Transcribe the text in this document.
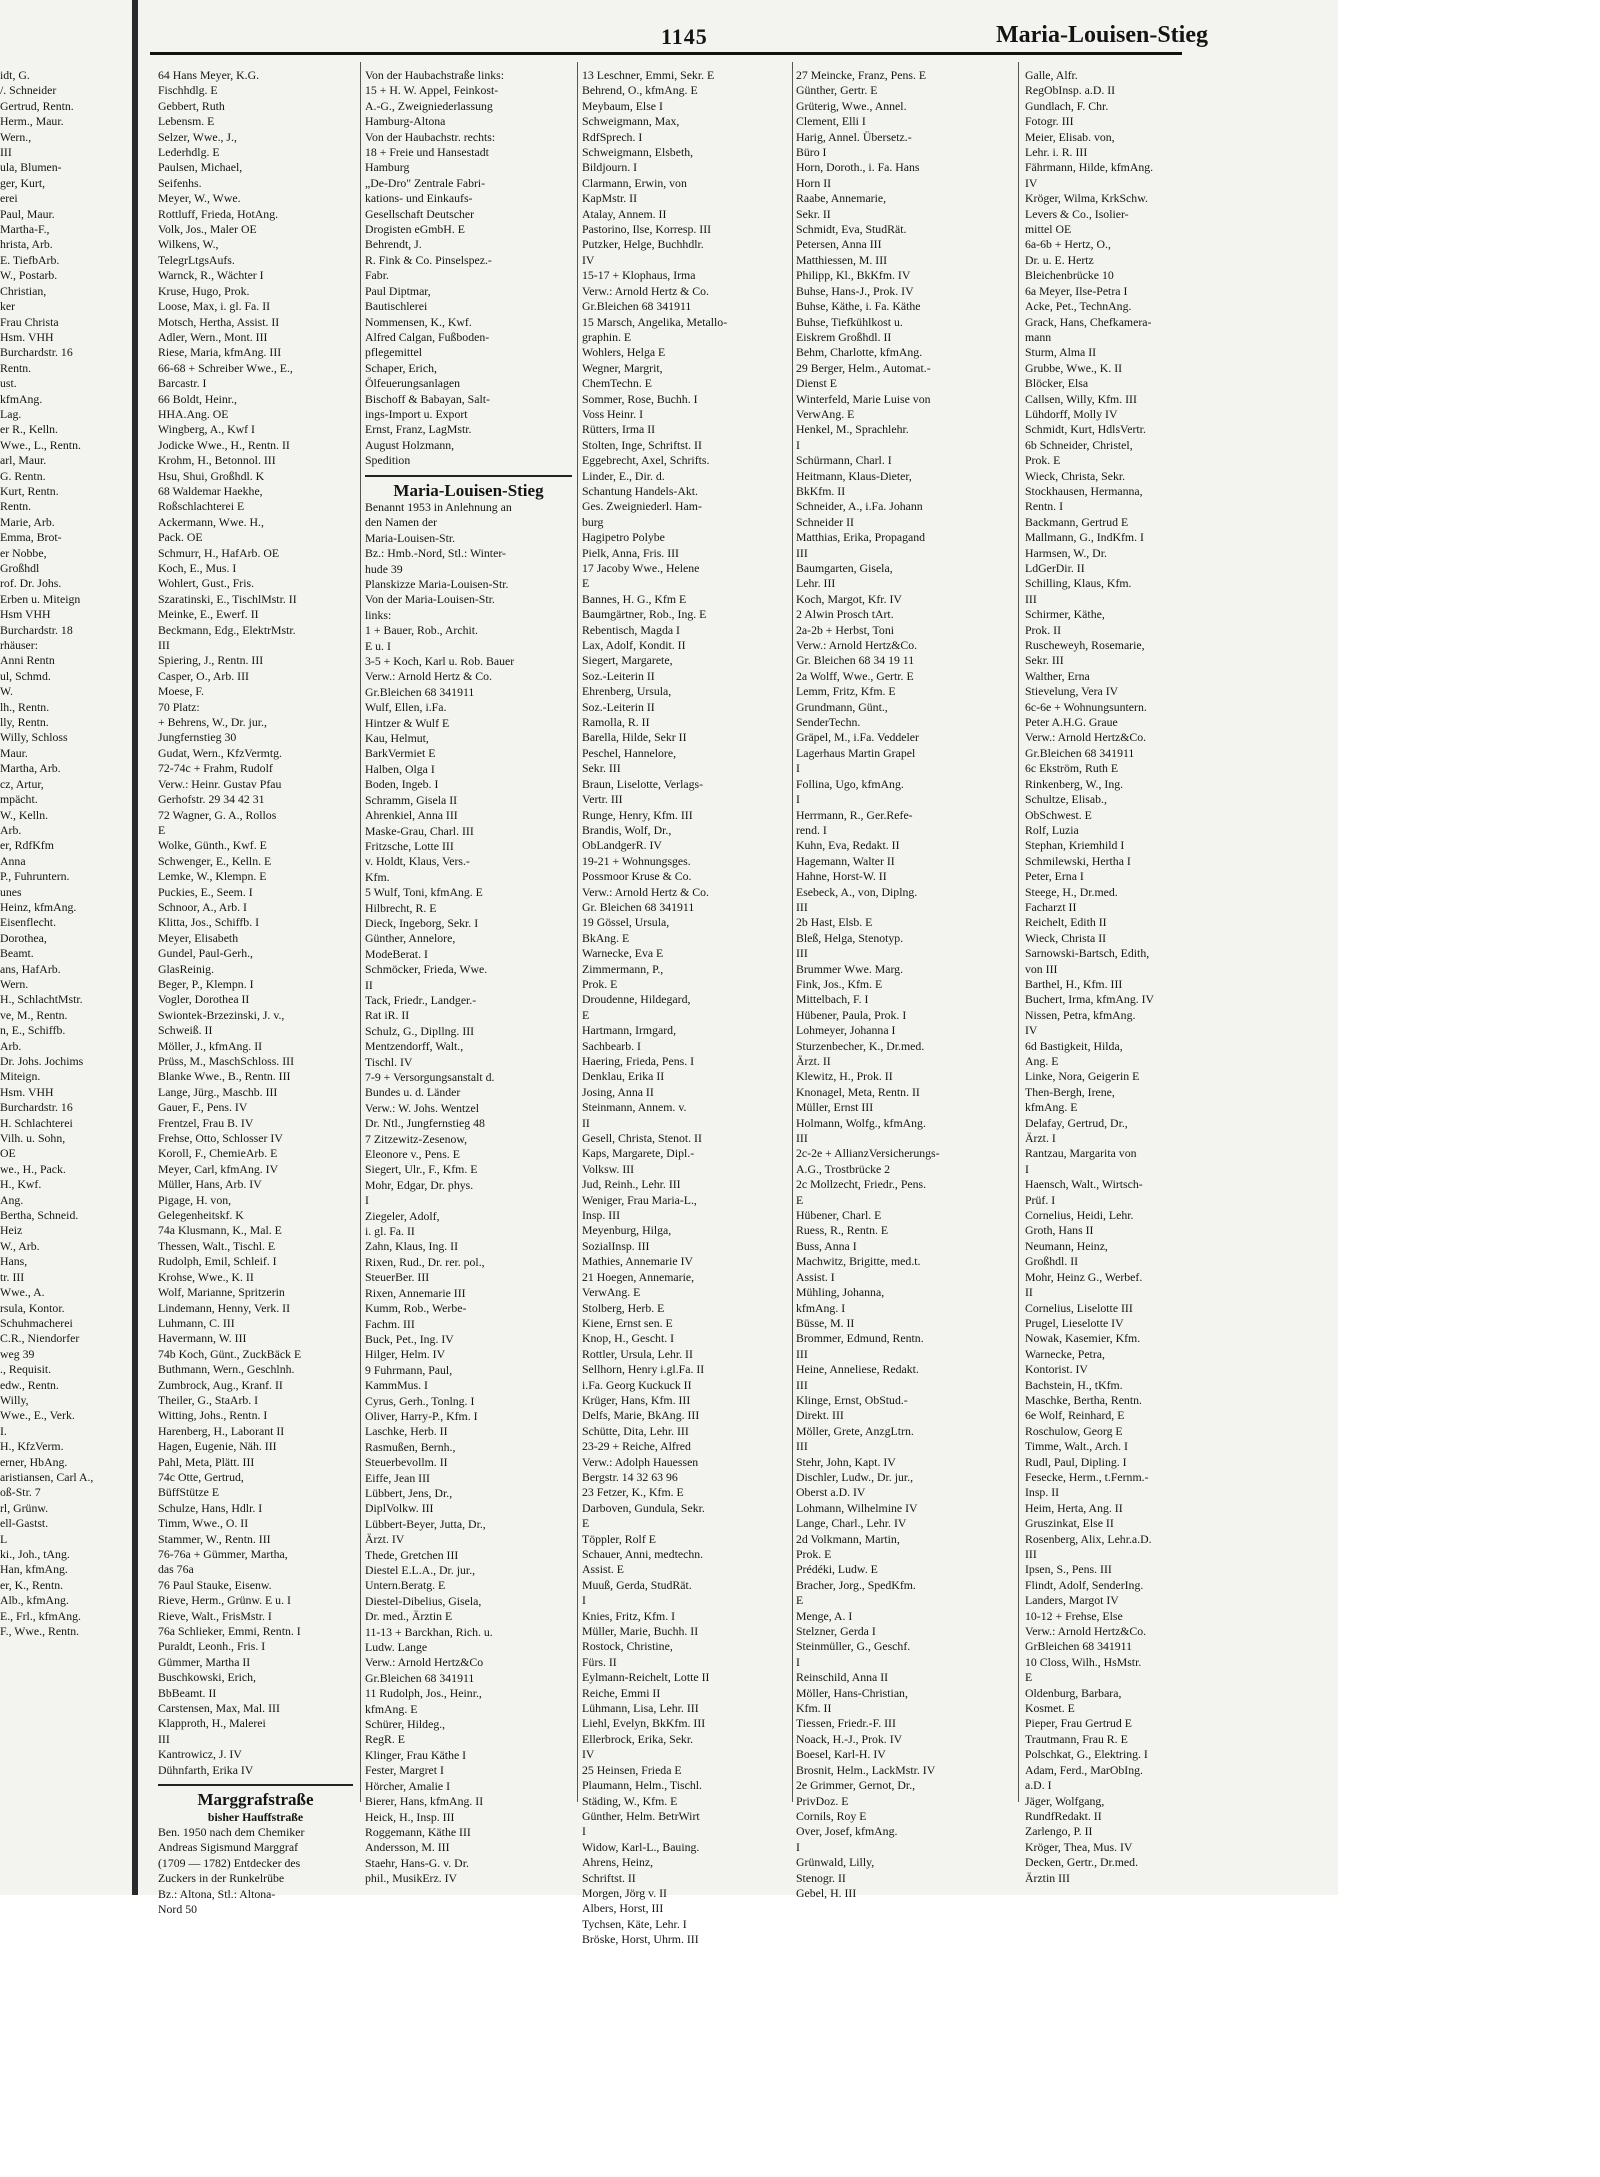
1145	Maria-Louisen-Stieg
idt, G.
/. Schneider
Gertrud, Rentn.
Herm., Maur.
Wern.,
III
ula, Blumen-
ger, Kurt,
erei
Paul, Maur.
Martha-F.,
hrista, Arb.
E. TiefbArb.
W., Postarb.
Christian,
ker
Frau Christa
Hsm. VHH
Burchardstr. 16
Rentn.
ust.
kfmAng.
Lag.
er R., Kelln.
Wwe., L., Rentn.
arl, Maur.
G. Rentn.
Kurt, Rentn.
Rentn.
Marie, Arb.
Emma, Brot-
er Nobbe,
Großhdl
rof. Dr. Johs.
Erben u. Miteign
Hsm VHH
Burchardstr. 18
rhäuser:
Anni Rentn
ul, Schmd.
W.
lh., Rentn.
lly, Rentn.
Willy, Schloss
Maur.
Martha, Arb.
cz, Artur,
mpächt.
W., Kelln.
Arb.
er, RdfKfm
Anna
P., Fuhruntern.
unes
Heinz, kfmAng.
Eisenflecht.
Dorothea,
Beamt.
ans, HafArb.
Wern.
H., SchlachtMstr.
ve, M., Rentn.
n, E., Schiffb.
Arb.
Dr. Johs. Jochims
Miteign.
Hsm. VHH
Burchardstr. 16
H. Schlachterei
Vilh. u. Sohn,
OE
we., H., Pack.
H., Kwf.
Ang.
Bertha, Schneid.
Heiz
W., Arb.
Hans,
tr. III
Wwe., A.
rsula, Kontor.
Schuhmacherei
C.R., Niendorfer
weg 39
., Requisit.
edw., Rentn.
Willy,
Wwe., E., Verk.
I.
H., KfzVerm.
erner, HbAng.
aristiansen, Carl A.,
oß-Str. 7
rl, Grünw.
ell-Gastst.
L
ki., Joh., tAng.
Han, kfmAng.
er, K., Rentn.
Alb., kfmAng.
E., Frl., kfmAng.
F., Wwe., Rentn.
64 Hans Meyer, K.G.
Fischhdlg. E
Gebbert, Ruth
Lebensm. E
Selzer, Wwe., J.,
Lederhdlg. E
Paulsen, Michael,
Seifenhs.
Meyer, W., Wwe.
Rottluff, Frieda, HotAng.
Volk, Jos., Maler OE
Wilkens, W.,
TelegrLtgsAufs.
Warnck, R., Wächter I
Kruse, Hugo, Prok.
Loose, Max, i. gl. Fa. II
Motsch, Hertha, Assist. II
Adler, Wern., Mont. III
Riese, Maria, kfmAng. III
66-68 + Schreiber Wwe., E.,
Barcastr. I
66 Boldt, Heinr.,
HHA.Ang. OE
Wingberg, A., Kwf I
Jodicke Wwe., H., Rentn. II
Krohm, H., Betonnol. III
Hsu, Shui, Großhdl. K
68 Waldemar Haekhe,
Roßschlachterei E
Ackermann, Wwe. H.,
Pack. OE
Schmurr, H., HafArb. OE
Koch, E., Mus. I
Wohlert, Gust., Fris.
Szaratinski, E., TischlMstr. II
Meinke, E., Ewerf. II
Beckmann, Edg., ElektrMstr.
III
Spiering, J., Rentn. III
Casper, O., Arb. III
Moese, F.
70 Platz:
+ Behrens, W., Dr. jur.,
Jungfernstieg 30
Gudat, Wern., KfzVermtg.
72-74c + Frahm, Rudolf
Verw.: Heinr. Gustav Pfau
Gerhofstr. 29 34 42 31
72 Wagner, G. A., Rollos
E
Wolke, Günth., Kwf. E
Schwenger, E., Kelln. E
Lemke, W., Klempn. E
Puckies, E., Seem. I
Schnoor, A., Arb. I
Klitta, Jos., Schiffb. I
Meyer, Elisabeth
Gundel, Paul-Gerh.,
GlasReinig.
Beger, P., Klempn. I
Vogler, Dorothea II
Swiontek-Brzezinski, J. v.,
Schweiß. II
Möller, J., kfmAng. II
Prüss, M., MaschSchloss. III
Blanke Wwe., B., Rentn. III
Lange, Jürg., Maschb. III
Gauer, F., Pens. IV
Frentzel, Frau B. IV
Frehse, Otto, Schlosser IV
Koroll, F., ChemieArb. E
Meyer, Carl, kfmAng. IV
Müller, Hans, Arb. IV
Pigage, H. von,
Gelegenheitskf. K
74a Klusmann, K., Mal. E
Thessen, Walt., Tischl. E
Rudolph, Emil, Schleif. I
Krohse, Wwe., K. II
Wolf, Marianne, Spritzerin
Lindemann, Henny, Verk. II
Luhmann, C. III
Havermann, W. III
74b Koch, Günt., ZuckBäck E
Buthmann, Wern., Geschlnh.
Zumbrock, Aug., Kranf. II
Theiler, G., StaArb. I
Witting, Johs., Rentn. I
Harenberg, H., Laborant II
Hagen, Eugenie, Näh. III
Pahl, Meta, Plätt. III
74c Otte, Gertrud,
BüffStütze E
Schulze, Hans, Hdlr. I
Timm, Wwe., O. II
Stammer, W., Rentn. III
76-76a + Gümmer, Martha,
das 76a
76 Paul Stauke, Eisenw.
Rieve, Herm., Grünw. E u. I
Rieve, Walt., FrisMstr. I
76a Schlieker, Emmi, Rentn. I
Puraldt, Leonh., Fris. I
Gümmer, Martha II
Buschkowski, Erich,
BbBeamt. II
Carstensen, Max, Mal. III
Klapproth, H., Malerei
III
Kantrowicz, J. IV
Dühnfarth, Erika IV
Marggrafstraße
bisher Hauffstraße
Ben. 1950 nach dem Chemiker
Andreas Sigismund Marggraf
(1709 — 1782) Entdecker des
Zuckers in der Runkelrübe
Bz.: Altona, Stl.: Altona-
Nord 50
Von der Haubachstraße links:
15 + H. W. Appel, Feinkost-
A.-G., Zweigniederlassung
Hamburg-Altona
Von der Haubachstr. rechts:
18 + Freie und Hansestadt
Hamburg
„De-Dro" Zentrale Fabri-
kations- und Einkaufs-
Gesellschaft Deutscher
Drogisten eGmbH. E
Behrendt, J.
R. Fink & Co. Pinselspez.-
Fabr.
Paul Diptmar,
Bautischlerei
Nommensen, K., Kwf.
Alfred Calgan, Fußboden-
pflegemittel
Schaper, Erich,
Ölfeuerungsanlagen
Bischoff & Babayan, Salt-
ings-Import u. Export
Ernst, Franz, LagMstr.
August Holzmann,
Spedition
Maria-Louisen-Stieg
Benannt 1953 in Anlehnung an
den Namen der
Maria-Louisen-Str.
Bz.: Hmb.-Nord, Stl.: Winter-
hude 39
Planskizze Maria-Louisen-Str.
Von der Maria-Louisen-Str.
links:
1 + Bauer, Rob., Archit.
E u. I
3-5 + Koch, Karl u. Rob. Bauer
Verw.: Arnold Hertz & Co.
Gr.Bleichen 68 341911
Wulf, Ellen, i.Fa.
Hintzer & Wulf E
Kau, Helmut,
BarkVermiet E
Halben, Olga I
Boden, Ingeb. I
Schramm, Gisela II
Ahrenkiel, Anna III
Maske-Grau, Charl. III
Fritzsche, Lotte III
v. Holdt, Klaus, Vers.-
Kfm.
5 Wulf, Toni, kfmAng. E
Hilbrecht, R. E
Dieck, Ingeborg, Sekr. I
Günther, Annelore,
ModeBerat. I
Schmöcker, Frieda, Wwe.
II
Tack, Friedr., Landger.-
Rat iR. II
Schulz, G., Dipllng. III
Mentzendorff, Walt.,
Tischl. IV
7-9 + Versorgungsanstalt d.
Bundes u. d. Länder
Verw.: W. Johs. Wentzel
Dr. Ntl., Jungfernstieg 48
7 Zitzewitz-Zesenow,
Eleonore v., Pens. E
Siegert, Ulr., F., Kfm. E
Mohr, Edgar, Dr. phys.
I
Ziegeler, Adolf,
i. gl. Fa. II
Zahn, Klaus, Ing. II
Rixen, Rud., Dr. rer. pol.,
SteuerBer. III
Rixen, Annemarie III
Kumm, Rob., Werbe-
Fachm. III
Buck, Pet., Ing. IV
Hilger, Helm. IV
9 Fuhrmann, Paul,
KammMus. I
Cyrus, Gerh., Tonlng. I
Oliver, Harry-P., Kfm. I
Laschke, Herb. II
Rasmußen, Bernh.,
Steuerbevollm. II
Eiffe, Jean III
Lübbert, Jens, Dr.,
DiplVolkw. III
Lübbert-Beyer, Jutta, Dr.,
Ärzt. IV
Thede, Gretchen III
Diestel E.L.A., Dr. jur.,
Untern.Beratg. E
Diestel-Dibelius, Gisela,
Dr. med., Ärztin E
11-13 + Barckhan, Rich. u.
Ludw. Lange
Verw.: Arnold Hertz&Co
Gr.Bleichen 68 341911
11 Rudolph, Jos., Heinr.,
kfmAng. E
Schürer, Hildeg.,
RegR. E
Klinger, Frau Käthe I
Fester, Margret I
Hörcher, Amalie I
Bierer, Hans, kfmAng. II
Heick, H., Insp. III
Roggemann, Käthe III
Andersson, M. III
Staehr, Hans-G. v. Dr.
phil., MusikErz. IV
13 Leschner, Emmi, Sekr. E
Behrend, O., kfmAng. E
Meybaum, Else I
Schweigmann, Max,
RdfSprech. I
Schweigmann, Elsbeth,
Bildjourn. I
Clarmann, Erwin, von
KapMstr. II
Atalay, Annem. II
Pastorino, Ilse, Korresp. III
Putzker, Helge, Buchhdlr.
IV
15-17 + Klophaus, Irma
Verw.: Arnold Hertz & Co.
Gr.Bleichen 68 341911
15 Marsch, Angelika, Metallo-
graphin. E
Wohlers, Helga E
Wegner, Margrit,
ChemTechn. E
Sommer, Rose, Buchh. I
Voss Heinr. I
Rütters, Irma II
Stolten, Inge, Schriftst. II
Eggebrecht, Axel, Schrifts.
Linder, E., Dir. d.
Schantung Handels-Akt.
Ges. Zweigniederl. Ham-
burg
Hagipetro Polybe
Pielk, Anna, Fris. III
17 Jacoby Wwe., Helene
E
Bannes, H. G., Kfm E
Baumgärtner, Rob., Ing. E
Rebentisch, Magda I
Lax, Adolf, Kondit. II
Siegert, Margarete,
Soz.-Leiterin II
Ehrenberg, Ursula,
Soz.-Leiterin II
Ramolla, R. II
Barella, Hilde, Sekr II
Peschel, Hannelore,
Sekr. III
Braun, Liselotte, Verlags-
Vertr. III
Runge, Henry, Kfm. III
Brandis, Wolf, Dr.,
ObLandgerR. IV
19-21 + Wohnungsges.
Possmoor Kruse & Co.
Verw.: Arnold Hertz & Co.
Gr. Bleichen 68 341911
19 Gössel, Ursula,
BkAng. E
Warnecke, Eva E
Zimmermann, P.,
Prok. E
Droudenne, Hildegard,
E
Hartmann, Irmgard,
Sachbearb. I
Haering, Frieda, Pens. I
Denklau, Erika II
Josing, Anna II
Steinmann, Annem. v.
II
Gesell, Christa, Stenot. II
Kaps, Margarete, Dipl.-
Volksw. III
Jud, Reinh., Lehr. III
Weniger, Frau Maria-L.,
Insp. III
Meyenburg, Hilga,
SozialInsp. III
Mathies, Annemarie IV
21 Hoegen, Annemarie,
VerwAng. E
Stolberg, Herb. E
Kiene, Ernst sen. E
Knop, H., Gescht. I
Rottler, Ursula, Lehr. II
Sellhorn, Henry i.gl.Fa. II
i.Fa. Georg Kuckuck II
Krüger, Hans, Kfm. III
Delfs, Marie, BkAng. III
Schütte, Dita, Lehr. III
23-29 + Reiche, Alfred
Verw.: Adolph Hauessen
Bergstr. 14 32 63 96
23 Fetzer, K., Kfm. E
Darboven, Gundula, Sekr.
E
Töppler, Rolf E
Schauer, Anni, medtechn.
Assist. E
Muuß, Gerda, StudRät.
I
Knies, Fritz, Kfm. I
Müller, Marie, Buchh. II
Rostock, Christine,
Fürs. II
Eylmann-Reichelt, Lotte II
Reiche, Emmi II
Lühmann, Lisa, Lehr. III
Liehl, Evelyn, BkKfm. III
Ellerbrock, Erika, Sekr.
IV
25 Heinsen, Frieda E
Plaumann, Helm., Tischl.
Städing, W., Kfm. E
Günther, Helm. BetrWirt
I
Widow, Karl-L., Bauing.
Ahrens, Heinz,
Schriftst. II
Morgen, Jörg v. II
Albers, Horst, III
Tychsen, Käte, Lehr. I
Bröske, Horst, Uhrm. III
27 Meincke, Franz, Pens. E
Günther, Gertr. E
Grüterig, Wwe., Annel.
Clement, Elli I
Harig, Annel. Übersetz.-
Büro I
Horn, Doroth., i. Fa. Hans
Horn II
Raabe, Annemarie,
Sekr. II
Schmidt, Eva, StudRät.
Petersen, Anna III
Matthiessen, M. III
Philipp, Kl., BkKfm. IV
Buhse, Hans-J., Prok. IV
Buhse, Käthe, i. Fa. Käthe
Buhse, Tiefkühlkost u.
Eiskrem Großhdl. II
Behm, Charlotte, kfmAng.
29 Berger, Helm., Automat.-
Dienst E
Winterfeld, Marie Luise von
VerwAng. E
Henkel, M., Sprachlehr.
I
Schürmann, Charl. I
Heitmann, Klaus-Dieter,
BkKfm. II
Schneider, A., i.Fa. Johann
Schneider II
Matthias, Erika, Propagand
III
Baumgarten, Gisela,
Lehr. III
Koch, Margot, Kfr. IV
2 Alwin Prosch tArt.
2a-2b + Herbst, Toni
Verw.: Arnold Hertz&Co.
Gr. Bleichen 68 34 19 11
2a Wolff, Wwe., Gertr. E
Lemm, Fritz, Kfm. E
Grundmann, Günt.,
SenderTechn.
Gräpel, M., i.Fa. Veddeler
Lagerhaus Martin Grapel
I
Follina, Ugo, kfmAng.
I
Herrmann, R., Ger.Refe-
rend. I
Kuhn, Eva, Redakt. II
Hagemann, Walter II
Hahne, Horst-W. II
Esebeck, A., von, Diplng.
III
2b Hast, Elsb. E
Bleß, Helga, Stenotyp.
III
Brummer Wwe. Marg.
Fink, Jos., Kfm. E
Mittelbach, F. I
Hübener, Paula, Prok. I
Lohmeyer, Johanna I
Sturzenbecher, K., Dr.med.
Ärzt. II
Klewitz, H., Prok. II
Knonagel, Meta, Rentn. II
Müller, Ernst III
Holmann, Wolfg., kfmAng.
III
2c-2e + AllianzVersicherungs-
A.G., Trostbrücke 2
2c Mollzecht, Friedr., Pens.
E
Hübener, Charl. E
Ruess, R., Rentn. E
Buss, Anna I
Machwitz, Brigitte, med.t.
Assist. I
Mühling, Johanna,
kfmAng. I
Büsse, M. II
Brommer, Edmund, Rentn.
III
Heine, Anneliese, Redakt.
III
Klinge, Ernst, ObStud.-
Direkt. III
Möller, Grete, AnzgLtrn.
III
Stehr, John, Kapt. IV
Dischler, Ludw., Dr. jur.,
Oberst a.D. IV
Lohmann, Wilhelmine IV
Lange, Charl., Lehr. IV
2d Volkmann, Martin,
Prok. E
Prédéki, Ludw. E
Bracher, Jorg., SpedKfm.
E
Menge, A. I
Stelzner, Gerda I
Steinmüller, G., Geschf.
I
Reinschild, Anna II
Möller, Hans-Christian,
Kfm. II
Tiessen, Friedr.-F. III
Noack, H.-J., Prok. IV
Boesel, Karl-H. IV
Brosnit, Helm., LackMstr. IV
2e Grimmer, Gernot, Dr.,
PrivDoz. E
Cornils, Roy E
Over, Josef, kfmAng.
I
Grünwald, Lilly,
Stenogr. II
Gebel, H. III
Galle, Alfr.
RegObInsp. a.D. II
Gundlach, F. Chr.
Fotogr. III
Meier, Elisab. von,
Lehr. i. R. III
Fährmann, Hilde, kfmAng.
IV
Kröger, Wilma, KrkSchw.
Levers & Co., Isolier-
mittel OE
6a-6b + Hertz, O.,
Dr. u. E. Hertz
Bleichenbrücke 10
6a Meyer, Ilse-Petra I
Acke, Pet., TechnAng.
Grack, Hans, Chefkamera-
mann
Sturm, Alma II
Grubbe, Wwe., K. II
Blöcker, Elsa
Callsen, Willy, Kfm. III
Lühdorff, Molly IV
Schmidt, Kurt, HdlsVertr.
6b Schneider, Christel,
Prok. E
Wieck, Christa, Sekr.
Stockhausen, Hermanna,
Rentn. I
Backmann, Gertrud E
Mallmann, G., IndKfm. I
Harmsen, W., Dr.
LdGerDir. II
Schilling, Klaus, Kfm.
III
Schirmer, Käthe,
Prok. II
Ruscheweyh, Rosemarie,
Sekr. III
Walther, Erna
Stievelung, Vera IV
6c-6e + Wohnungsuntern.
Peter A.H.G. Graue
Verw.: Arnold Hertz&Co.
Gr.Bleichen 68 341911
6c Ekström, Ruth E
Rinkenberg, W., Ing.
Schultze, Elisab.,
ObSchwest. E
Rolf, Luzia
Stephan, Kriemhild I
Schmilewski, Hertha I
Peter, Erna I
Steege, H., Dr.med.
Facharzt II
Reichelt, Edith II
Wieck, Christa II
Sarnowski-Bartsch, Edith,
von III
Barthel, H., Kfm. III
Buchert, Irma, kfmAng. IV
Nissen, Petra, kfmAng.
IV
6d Bastigkeit, Hilda,
Ang. E
Linke, Nora, Geigerin E
Then-Bergh, Irene,
kfmAng. E
Delafay, Gertrud, Dr.,
Ärzt. I
Rantzau, Margarita von
I
Haensch, Walt., Wirtsch-
Prüf. I
Cornelius, Heidi, Lehr.
Groth, Hans II
Neumann, Heinz,
Großhdl. II
Mohr, Heinz G., Werbef.
II
Cornelius, Liselotte III
Prugel, Lieselotte IV
Nowak, Kasemier, Kfm.
Warnecke, Petra,
Kontorist. IV
Bachstein, H., tKfm.
Maschke, Bertha, Rentn.
6e Wolf, Reinhard, E
Roschulow, Georg E
Timme, Walt., Arch. I
Rudl, Paul, Dipling. I
Fesecke, Herm., t.Fernm.-
Insp. II
Heim, Herta, Ang. II
Gruszinkat, Else II
Rosenberg, Alix, Lehr.a.D.
III
Ipsen, S., Pens. III
Flindt, Adolf, SenderIng.
Landers, Margot IV
10-12 + Frehse, Else
Verw.: Arnold Hertz&Co.
GrBleichen 68 341911
10 Closs, Wilh., HsMstr.
E
Oldenburg, Barbara,
Kosmet. E
Pieper, Frau Gertrud E
Trautmann, Frau R. E
Polschkat, G., Elektring. I
Adam, Ferd., MarObIng.
a.D. I
Jäger, Wolfgang,
RundfRedakt. II
Zarlengo, P. II
Kröger, Thea, Mus. IV
Decken, Gertr., Dr.med.
Ärztin III
